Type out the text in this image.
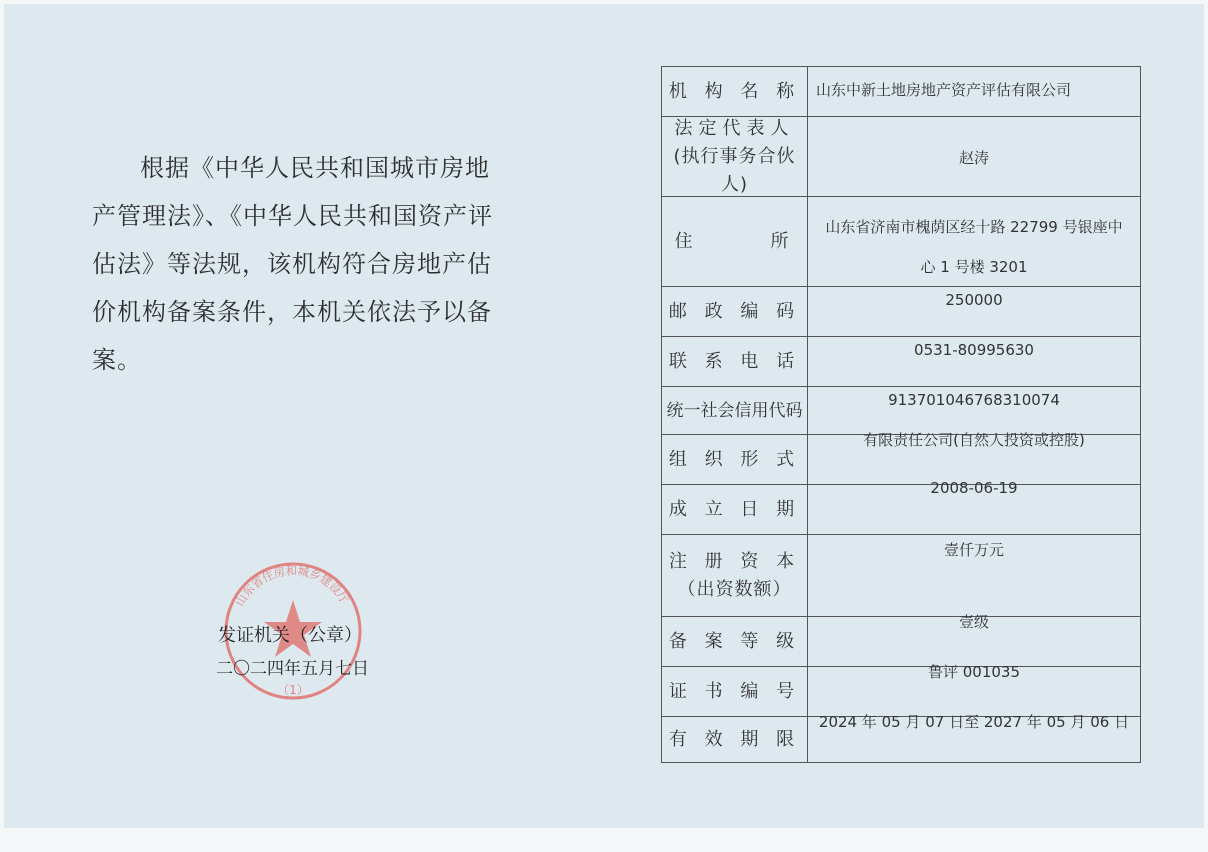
根据《中华人民共和国城市房地产管理法》、《中华人民共和国资产评估法》等法规，该机构符合房地产估价机构备案条件，本机关依法予以备案。

山东省住房和城乡建设厅
（1）
发证机关（公章）
二〇二四年五月七日
机 构 名 称 山东中新土地房地产资产评估有限公司
法定代表人
(执行事务合伙人)
赵涛
住　　　所
山东省济南市槐荫区经十路 22799 号银座中
心 1 号楼 3201
邮 政 编 码
250000
联 系 电 话
0531-80995630
统一社会信用代码
913701046768310074
组 织 形 式
有限责任公司(自然人投资或控股)
成 立 日 期
2008-06-19
注 册 资 本
（出资数额）
壹仟万元
备 案 等 级
壹级
证 书 编 号
鲁评 001035
有 效 期 限
2024 年 05 月 07 日至 2027 年 05 月 06 日
